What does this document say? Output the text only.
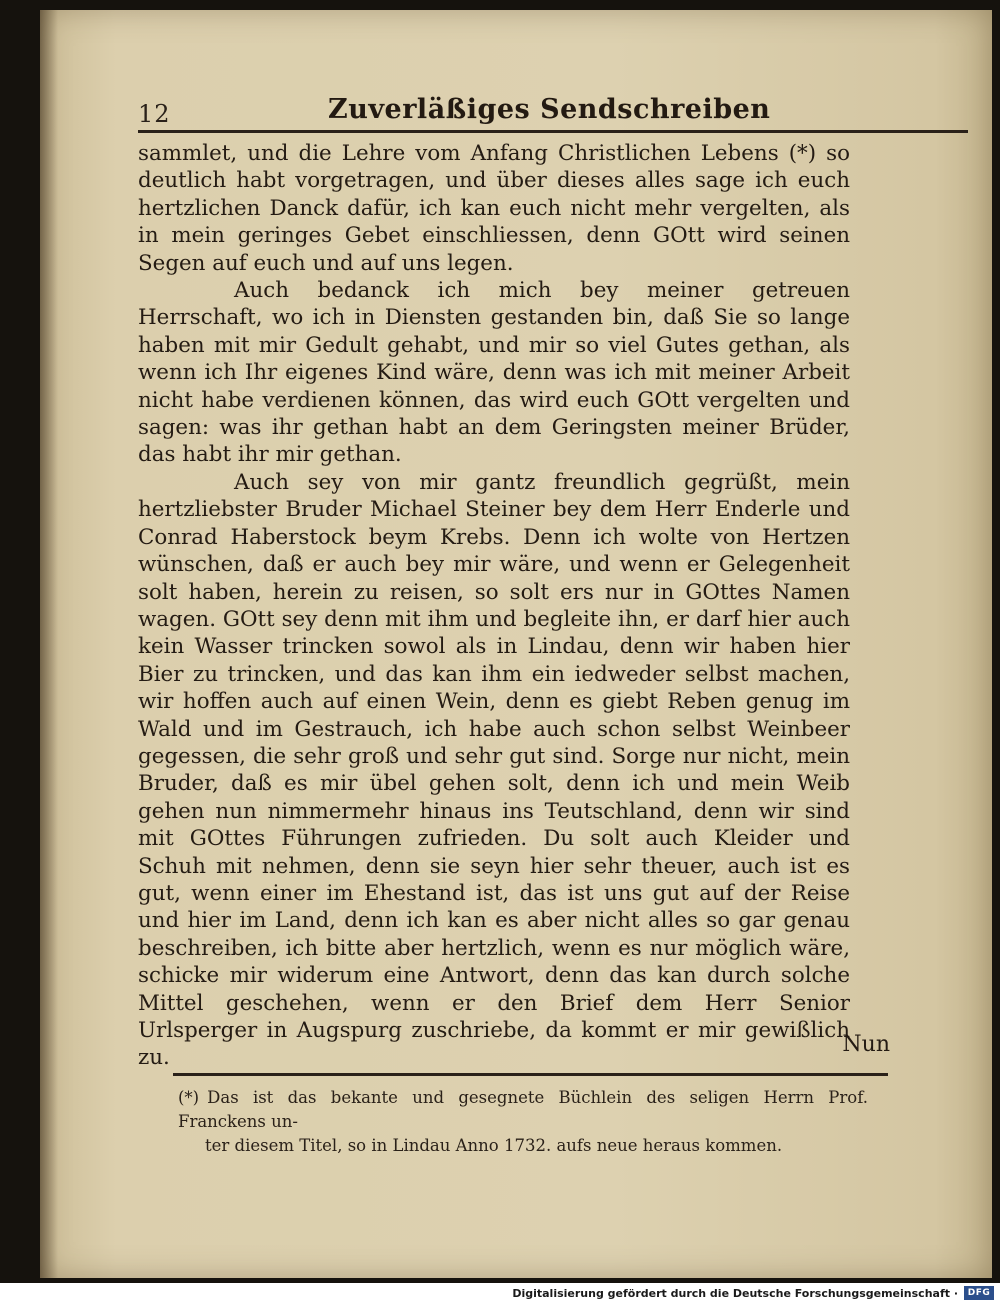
12	Zuverläßiges Sendschreiben

sammlet, und die Lehre vom Anfang Christlichen Lebens (*) so deutlich habt vorgetragen, und über dieses alles sage ich euch hertzlichen Danck dafür, ich kan euch nicht mehr vergelten, als in mein geringes Gebet einschliessen, denn GOtt wird seinen Segen auf euch und auf uns legen.

Auch bedanck ich mich bey meiner getreuen Herrschaft, wo ich in Diensten gestanden bin, daß Sie so lange haben mit mir Gedult gehabt, und mir so viel Gutes gethan, als wenn ich Ihr eigenes Kind wäre, denn was ich mit meiner Arbeit nicht habe verdienen können, das wird euch GOtt vergelten und sagen: was ihr gethan habt an dem Geringsten meiner Brüder, das habt ihr mir gethan.

Auch sey von mir gantz freundlich gegrüßt, mein hertzliebster Bruder Michael Steiner bey dem Herr Enderle und Conrad Haberstock beym Krebs. Denn ich wolte von Hertzen wünschen, daß er auch bey mir wäre, und wenn er Gelegenheit solt haben, herein zu reisen, so solt ers nur in GOttes Namen wagen. GOtt sey denn mit ihm und begleite ihn, er darf hier auch kein Wasser trincken sowol als in Lindau, denn wir haben hier Bier zu trincken, und das kan ihm ein iedweder selbst machen, wir hoffen auch auf einen Wein, denn es giebt Reben genug im Wald und im Gestrauch, ich habe auch schon selbst Weinbeer gegessen, die sehr groß und sehr gut sind. Sorge nur nicht, mein Bruder, daß es mir übel gehen solt, denn ich und mein Weib gehen nun nimmermehr hinaus ins Teutschland, denn wir sind mit GOttes Führungen zufrieden. Du solt auch Kleider und Schuh mit nehmen, denn sie seyn hier sehr theuer, auch ist es gut, wenn einer im Ehestand ist, das ist uns gut auf der Reise und hier im Land, denn ich kan es aber nicht alles so gar genau beschreiben, ich bitte aber hertzlich, wenn es nur möglich wäre, schicke mir widerum eine Antwort, denn das kan durch solche Mittel geschehen, wenn er den Brief dem Herr Senior Urlsperger in Augspurg zuschriebe, da kommt er mir gewißlich zu.

Nun
(*) Das ist das bekante und gesegnete Büchlein des seligen Herrn Prof. Franckens un-
ter diesem Titel, so in Lindau Anno 1732. aufs neue heraus kommen.
Digitalisierung gefördert durch die Deutsche Forschungsgemeinschaft ·	DFG
